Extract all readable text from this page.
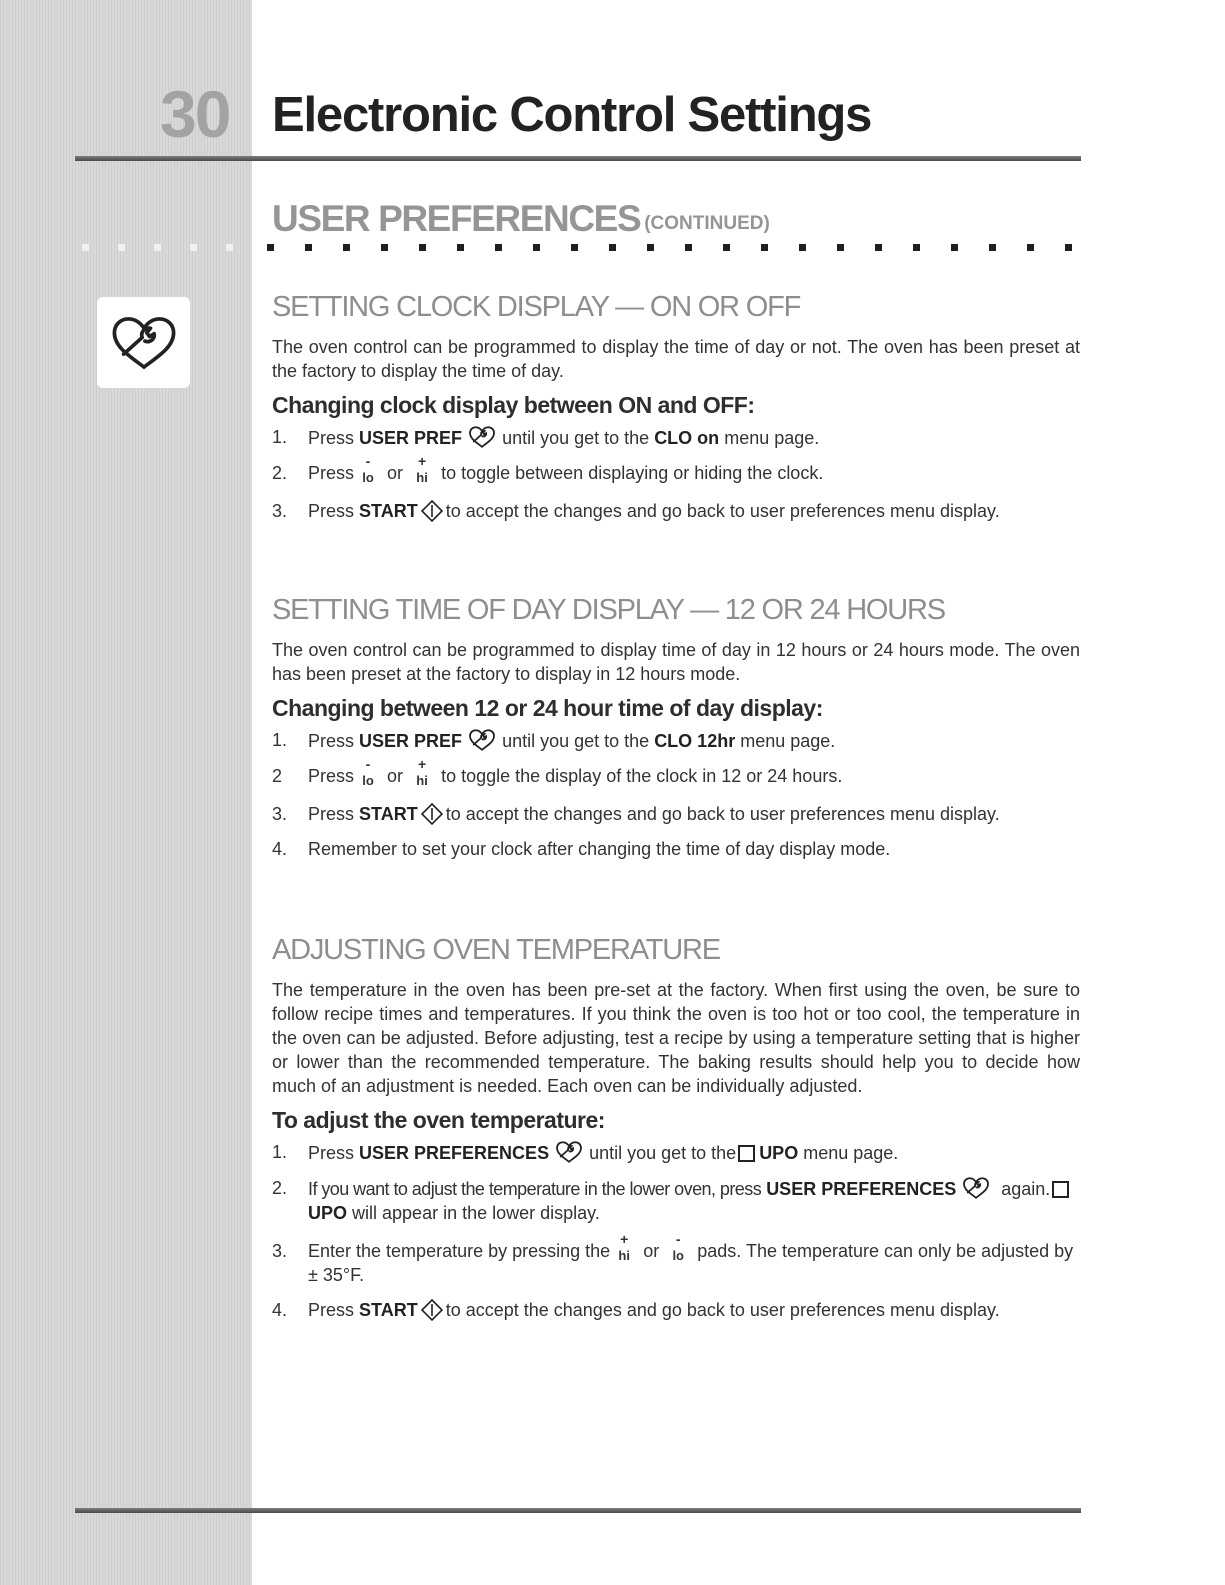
30 Electronic Control Settings
USER PREFERENCES (CONTINUED)
SETTING CLOCK DISPLAY — ON OR OFF

The oven control can be programmed to display the time of day or not. The oven has been preset at the factory to display the time of day.

Changing clock display between ON and OFF:
1.	Press USER PREF until you get to the CLO on menu page.
2.	Press
-
lo or
+
hi to toggle between displaying or hiding the clock.
3.	Press START to accept the changes and go back to user preferences menu display.
SETTING TIME OF DAY DISPLAY — 12 OR 24 HOURS

The oven control can be programmed to display time of day in 12 hours or 24 hours mode. The oven has been preset at the factory to display in 12 hours mode.

Changing between 12 or 24 hour time of day display:
1.	Press USER PREF until you get to the CLO 12hr menu page.
2	Press
-
lo or
+
hi to toggle the display of the clock in 12 or 24 hours.
3.	Press START to accept the changes and go back to user preferences menu display.
4.	Remember to set your clock after changing the time of day display mode.
ADJUSTING OVEN TEMPERATURE

The temperature in the oven has been pre-set at the factory. When first using the oven, be sure to follow recipe times and temperatures. If you think the oven is too hot or too cool, the temperature in the oven can be adjusted. Before adjusting, test a recipe by using a temperature setting that is higher or lower than the recommended temperature. The baking results should help you to decide how much of an adjustment is needed. Each oven can be individually adjusted.

To adjust the oven temperature:
1.	Press USER PREFERENCES until you get to the UPO menu page.
2.	If you want to adjust the temperature in the lower oven, press USER PREFERENCES	again.UPO will appear in the lower display.
3.	Enter the temperature by pressing the
+
hi or
-
lo pads. The temperature can only be adjusted by ± 35°F.
4.	Press START to accept the changes and go back to user preferences menu display.
